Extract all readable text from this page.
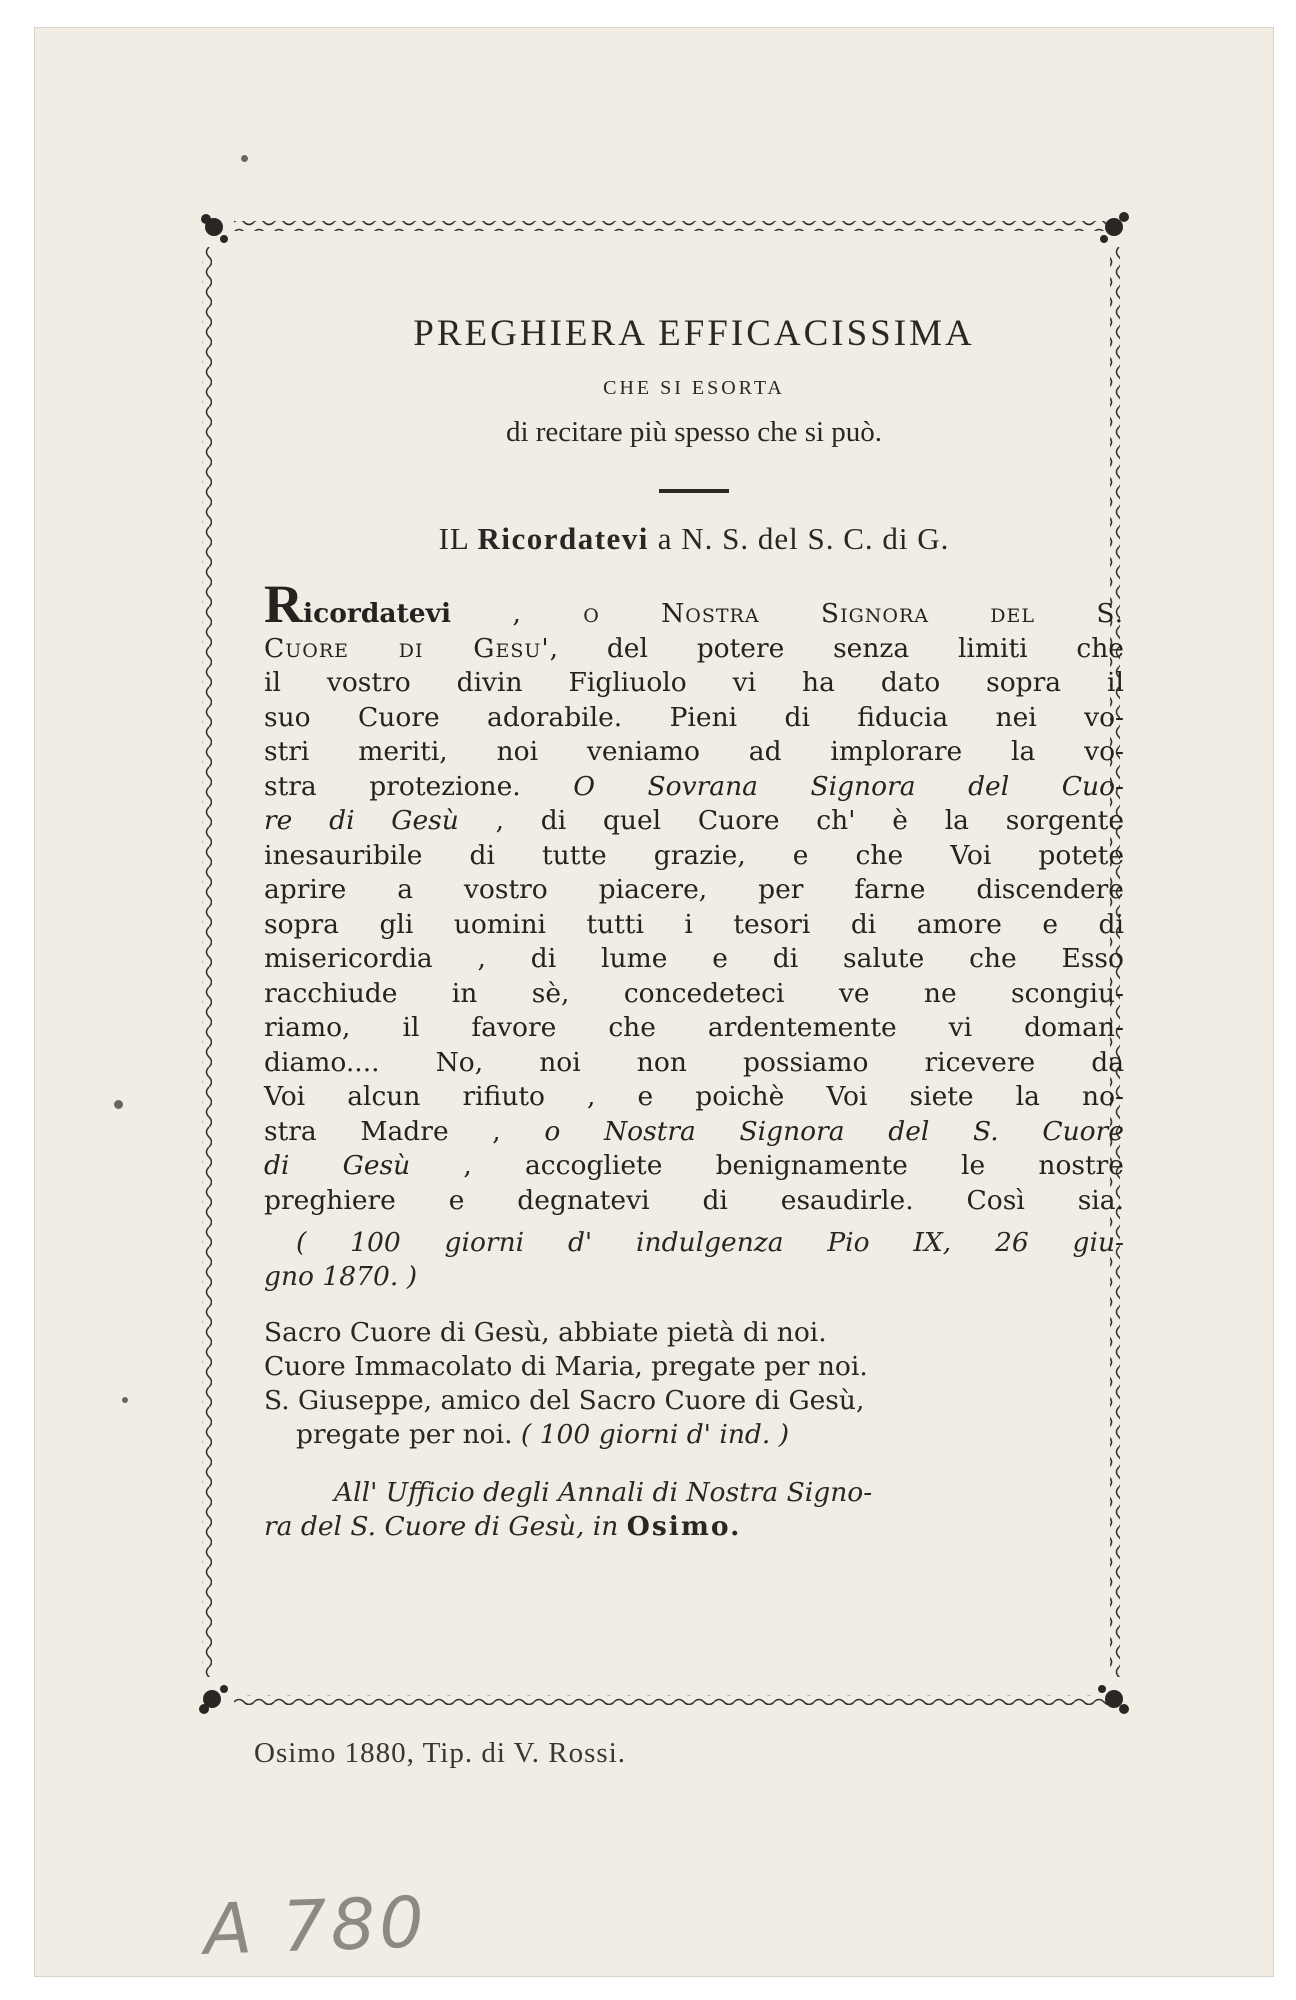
PREGHIERA EFFICACISSIMA

CHE SI ESORTA

di recitare più spesso che si può.

IL Ricordatevi a N. S. del S. C. di G.

Ricordatevi , o Nostra Signora del S.
Cuore di Gesu', del potere senza limiti che
il vostro divin Figliuolo vi ha dato sopra il
suo Cuore adorabile. Pieni di fiducia nei vo-
stri meriti, noi veniamo ad implorare la vo-
stra protezione. O Sovrana Signora del Cuo-
re di Gesù , di quel Cuore ch' è la sorgente
inesauribile di tutte grazie, e che Voi potete
aprire a vostro piacere, per farne discendere
sopra gli uomini tutti i tesori di amore e di
misericordia , di lume e di salute che Esso
racchiude in sè, concedeteci ve ne scongiu-
riamo, il favore che ardentemente vi doman-
diamo.... No, noi non possiamo ricevere da
Voi alcun rifiuto , e poichè Voi siete la no-
stra Madre , o Nostra Signora del S. Cuore
di Gesù , accogliete benignamente le nostre
preghiere e degnatevi di esaudirle. Così sia.
( 100 giorni d' indulgenza Pio IX, 26 giu-
gno 1870. )
Sacro Cuore di Gesù, abbiate pietà di noi.
Cuore Immacolato di Maria, pregate per noi.
S. Giuseppe, amico del Sacro Cuore di Gesù,
pregate per noi. ( 100 giorni d' ind. )
All' Ufficio degli Annali di Nostra Signo-
ra del S. Cuore di Gesù, in Osimo.

Osimo 1880, Tip. di V. Rossi.

A 780
